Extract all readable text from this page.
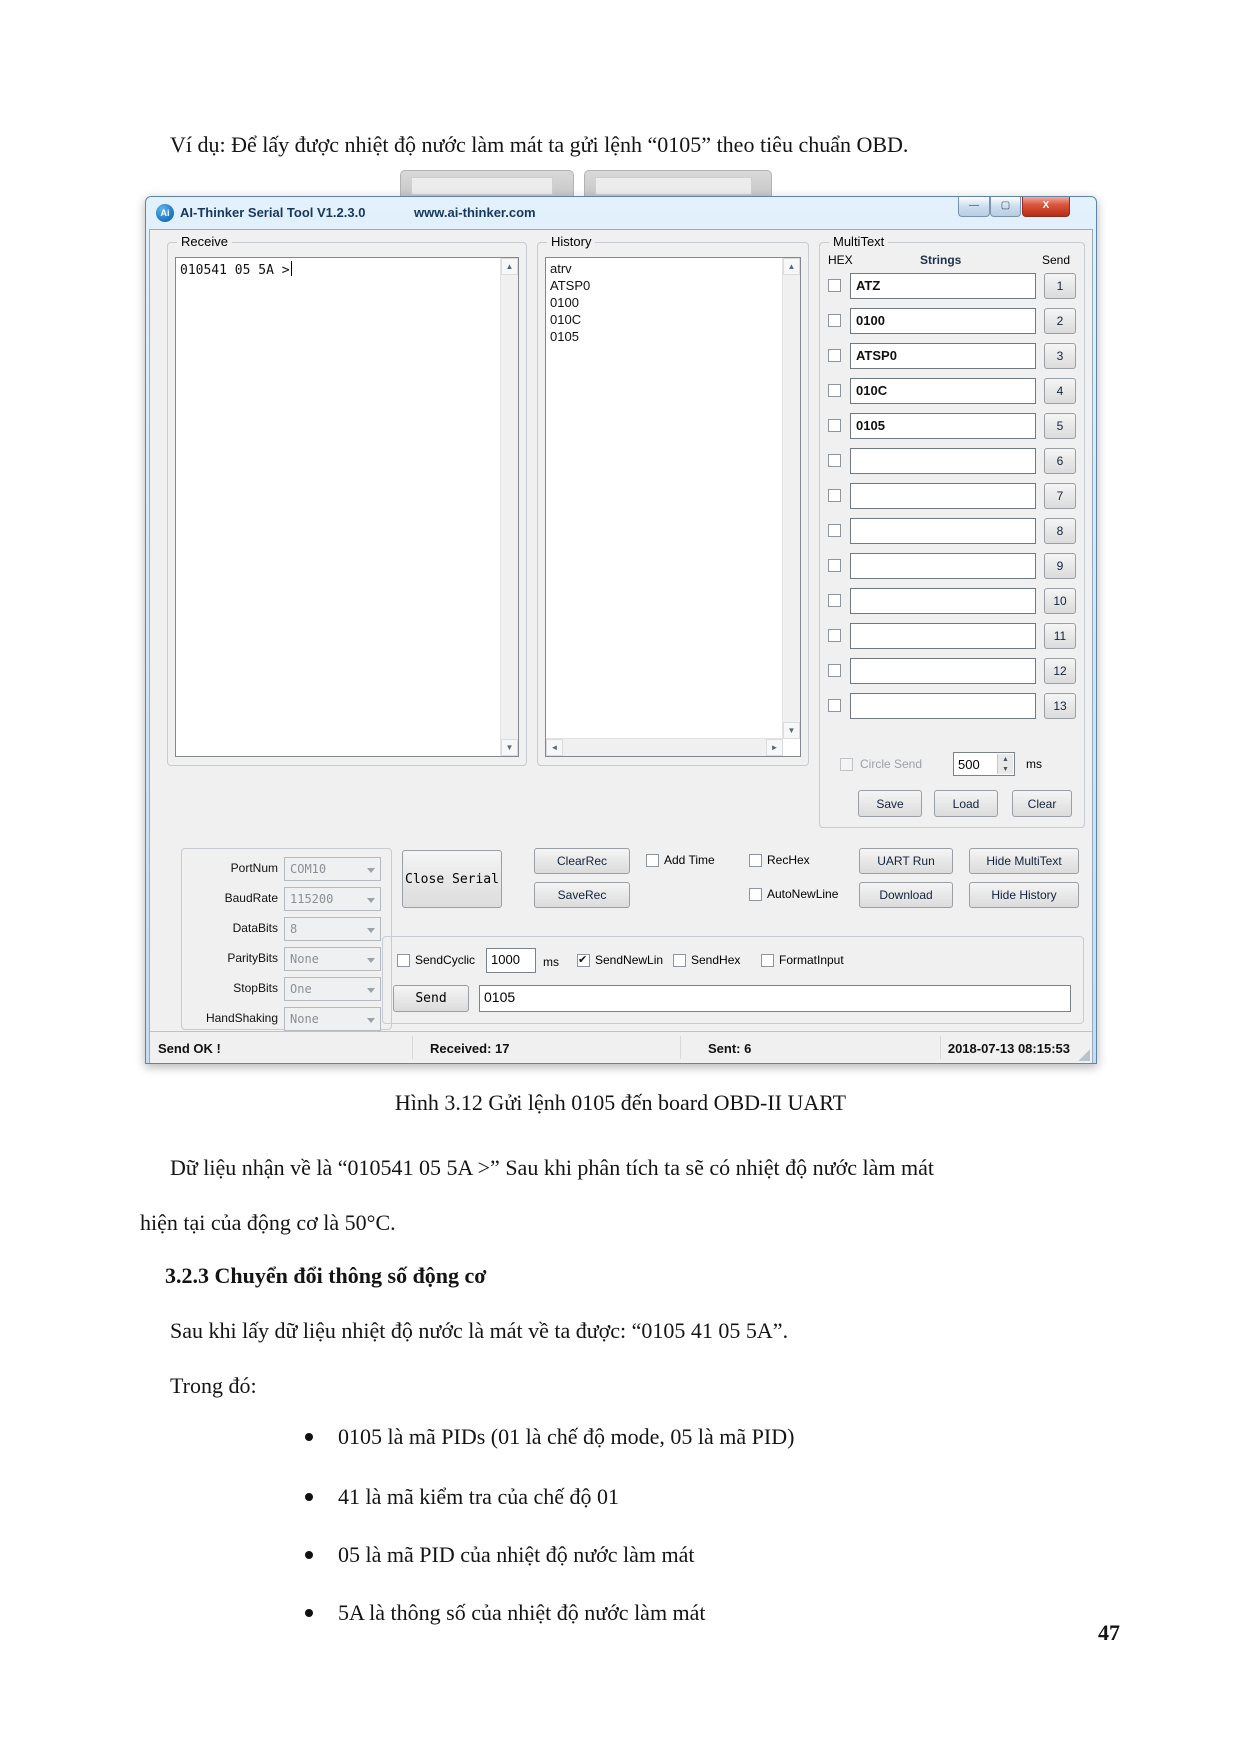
Ví dụ: Để lấy được nhiệt độ nước làm mát ta gửi lệnh “0105” theo tiêu chuẩn OBD.
Ai AI-Thinker Serial Tool V1.2.3.0	www.ai-thinker.com	—	▢	X
Receive
010541 05 5A >	▲
▼
History
atrv
ATSP0
0100
010C
0105
▲
▼
◄	►
MultiText
HEX	Strings	Send
ATZ	1
0100	2
ATSP0	3
010C	4
0105	5
6
7
8
9
10
11
12
13
Circle Send	500	▲
▼	ms
Save	Load	Clear
PortNum COM10
BaudRate 115200
DataBits 8
ParityBits None
StopBits One
HandShaking None
Close Serial
ClearRec
SaveRec
Add Time	RecHex
AutoNewLine
UART Run
Download
Hide MultiText
Hide History
SendCyclic	1000	ms ✔	SendNewLin SendHex	FormatInput
Send	0105
Send OK !	Received: 17	Sent: 6	2018-07-13 08:15:53
Hình 3.12 Gửi lệnh 0105 đến board OBD-II UART
Dữ liệu nhận về là “010541 05 5A >” Sau khi phân tích ta sẽ có nhiệt độ nước làm mát
hiện tại của động cơ là 50°C.
3.2.3 Chuyển đổi thông số động cơ
Sau khi lấy dữ liệu nhiệt độ nước là mát về ta được: “0105 41 05 5A”.
Trong đó:
0105 là mã PIDs (01 là chế độ mode, 05 là mã PID)
41 là mã kiểm tra của chế độ 01
05 là mã PID của nhiệt độ nước làm mát
5A là thông số của nhiệt độ nước làm mát
47
